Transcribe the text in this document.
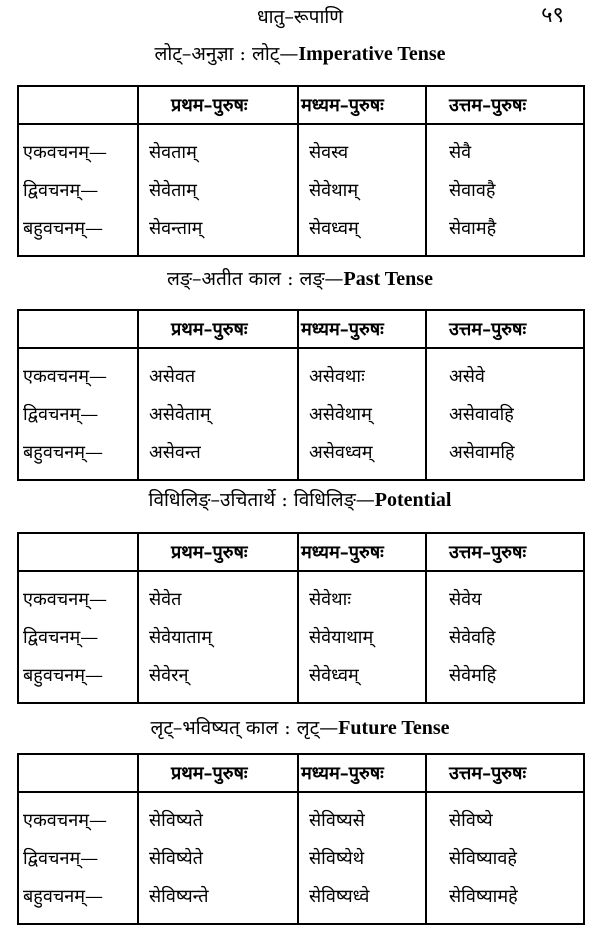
धातु–रूपाणि	५९
लोट्–अनुज्ञा : लोट्—Imperative Tense
	प्रथम–पुरुषः	मध्यम–पुरुषः	उत्तम–पुरुषः
एकवचनम्—	सेवताम्	सेवस्व	सेवै
द्विवचनम्—	सेवेताम्	सेवेथाम्	सेवावहै
बहुवचनम्—	सेवन्ताम्	सेवध्वम्	सेवामहै
लङ्–अतीत काल : लङ्—Past Tense
	प्रथम–पुरुषः	मध्यम–पुरुषः	उत्तम–पुरुषः
एकवचनम्—	असेवत	असेवथाः	असेवे
द्विवचनम्—	असेवेताम्	असेवेथाम्	असेवावहि
बहुवचनम्—	असेवन्त	असेवध्वम्	असेवामहि
विधिलिङ्–उचितार्थे : विधिलिङ्—Potential
	प्रथम–पुरुषः	मध्यम–पुरुषः	उत्तम–पुरुषः
एकवचनम्—	सेवेत	सेवेथाः	सेवेय
द्विवचनम्—	सेवेयाताम्	सेवेयाथाम्	सेवेवहि
बहुवचनम्—	सेवेरन्	सेवेध्वम्	सेवेमहि
लृट्–भविष्यत् काल : लृट्—Future Tense
	प्रथम–पुरुषः	मध्यम–पुरुषः	उत्तम–पुरुषः
एकवचनम्—	सेविष्यते	सेविष्यसे	सेविष्ये
द्विवचनम्—	सेविष्येते	सेविष्येथे	सेविष्यावहे
बहुवचनम्—	सेविष्यन्ते	सेविष्यध्वे	सेविष्यामहे
